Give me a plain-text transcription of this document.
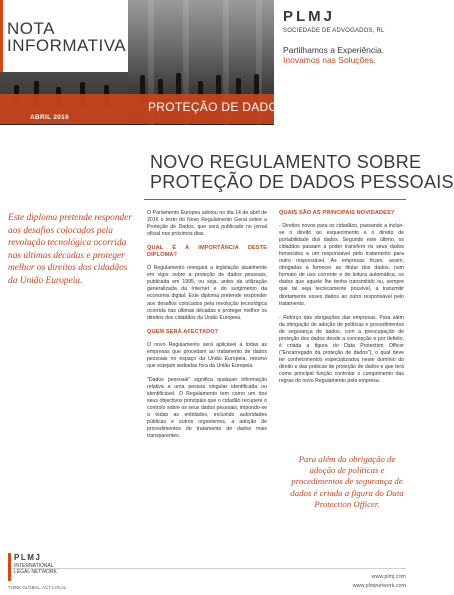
NOTA
INFORMATIVA
PROTEÇÃO DE DADOS PESSOAIS
ABRIL 2016
PLMJ
SOCIEDADE DE ADVOGADOS, RL
Partilhamos a Experiência.
Inovamos nas Soluções.
NOVO REGULAMENTO SOBRE
PROTEÇÃO DE DADOS PESSOAIS
Este diploma pretende responder aos desafios colocados pela revolução tecnológica ocorrida nas últimas décadas e proteger melhor os direitos dos cidadãos da União Europeia.

O Parlamento Europeu adotou no dia 14 de abril de 2016 o texto do Novo Regulamento Geral sobre a Proteção de Dados, que será publicado no jornal oficial nos próximos dias.

QUAL É A IMPORTÂNCIA DESTE DIPLOMA?

O Regulamento revogará a legislação atualmente em vigor sobre a proteção de dados pessoais, publicada em 1995, ou seja, antes da utilização generalizada da Internet e do surgimento da economia digital. Este diploma pretende responder aos desafios colocados pela revolução tecnológica ocorrida nas últimas décadas e proteger melhor os direitos dos cidadãos da União Europeia.

QUEM SERÁ AFECTADO?

O novo Regulamento será aplicável a todas as empresas que procedam ao tratamento de dados pessoais no espaço da União Europeia, mesmo que estejam sediadas fora da União Europeia.

"Dados pessoais" significa qualquer informação relativa a uma pessoa singular identificada ou identificável. O Regulamento tem como um dos seus objectivos principais que o cidadão recupere o controlo sobre os seus dados pessoais, impondo-se a todas as entidades, incluindo autoridades públicas e outros organismos, a adoção de procedimentos de tratamento de dados mais transparentes.

QUAIS SÃO AS PRINCIPAIS NOVIDADES?

- Direitos novos para os cidadãos, passando a incluir-se o direito ao esquecimento e o direito de portabilidade dos dados. Segundo este último, os cidadãos passam a poder transferir os seus dados fornecidos a um responsável pelo tratamento para outro responsável. As empresas ficam, assim, obrigadas a fornecer ao titular dos dados, num formato de uso corrente e de leitura automática, os dados que aquele lhe tenha transmitido ou, sempre que tal seja tecnicamente possível, a transmitir diretamente esses dados ao outro responsável pelo tratamento.

- Reforço das obrigações das empresas. Para além da obrigação de adoção de políticas e procedimentos de segurança de dados, com a preocupação de proteção dos dados desde a concepção e por defeito, é criada a figura do Data Protection Officer ("Encarregado da proteção de dados"), o qual deve ter conhecimentos especializados neste domínio do direito e das práticas de proteção de dados e que terá como principal função controlar o cumprimento das regras do novo Regulamento pela empresa.

Para além da obrigação de adoção de políticas e procedimentos de segurança de dados é criada a figura do Data Protection Officer.
PLMJ
INTERNATIONAL
LEGAL NETWORK
THINK GLOBAL, ACT LOCAL
www.plmj.com
www.plmjnetwork.com
